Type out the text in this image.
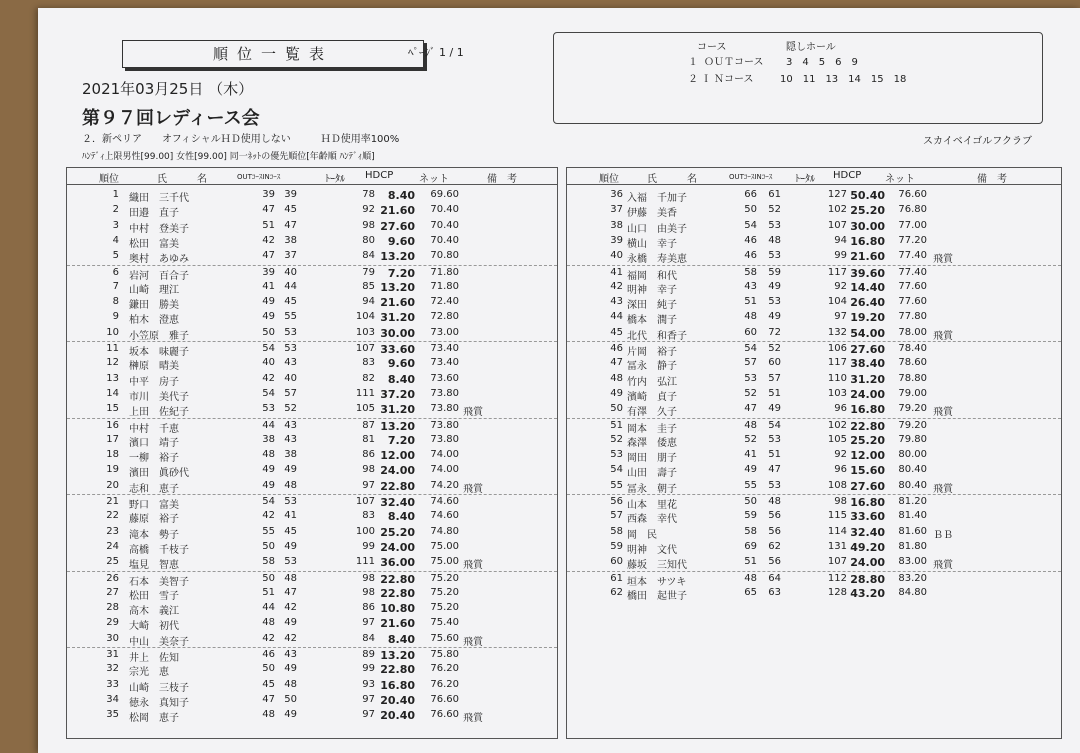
順位一覧表	ﾍﾟｰｼﾞ 1 / 1
2021年03月25日 （木）
第９７回レディース会
２．新ペリア　　オフィシャルＨＤ使用しない　　　ＨＤ使用率100%	スカイベイゴルフクラブ
ﾊﾝﾃﾞｨ上限男性[99.00] 女性[99.00] 同一ﾈｯﾄの優先順位[年齢順 ﾊﾝﾃﾞｨ順]
コース	隠しホール
１ ＯＵＴコース 3　4　5　6　9
２ Ｉ Ｎコース	10　11　13　14　15　18
順位	氏　　　名	OUTｺｰｽINｺｰｽ	ﾄｰﾀﾙ HDCP	ネット	備　考
1 織田　三千代	39 39	78	8.40	69.60
2 田邉　直子	47 45	92 21.60	70.40
3 中村　登美子	51 47	98 27.60	70.40
4 松田　富美	42 38	80	9.60	70.40
5 奥村　あゆみ	47 37	84 13.20	70.80
6 岩河　百合子	39 40	79	7.20	71.80
7 山崎　理江	41 44	85 13.20	71.80
8 鎌田　勝美	49 45	94 21.60	72.40
9 柏木　澄恵	49 55	104 31.20	72.80
10 小笠原　雅子	50 53	103 30.00	73.00
11 坂本　味麗子	54 53	107 33.60	73.40
12 榊原　晴美	40 43	83	9.60	73.40
13 中平　房子	42 40	82	8.40	73.60
14 市川　美代子	54 57	111 37.20	73.80
15 上田　佐紀子	53 52	105 31.20	73.80 飛賞
16 中村　千恵	44 43	87 13.20	73.80
17 濱口　靖子	38 43	81	7.20	73.80
18 一柳　裕子	48 38	86 12.00	74.00
19 濱田　眞砂代	49 49	98 24.00	74.00
20 志和　恵子	49 48	97 22.80	74.20 飛賞
21 野口　富美	54 53	107 32.40	74.60
22 藤原　裕子	42 41	83	8.40	74.60
23 滝本　勢子	55 45	100 25.20	74.80
24 高橋　千枝子	50 49	99 24.00	75.00
25 塩見　智恵	58 53	111 36.00	75.00 飛賞
26 石本　美智子	50 48	98 22.80	75.20
27 松田　雪子	51 47	98 22.80	75.20
28 高木　義江	44 42	86 10.80	75.20
29 大崎　初代	48 49	97 21.60	75.40
30 中山　美奈子	42 42	84	8.40	75.60 飛賞
31 井上　佐知	46 43	89 13.20	75.80
32 宗光　恵	50 49	99 22.80	76.20
33 山崎　三枝子	45 48	93 16.80	76.20
34 徳永　真知子	47 50	97 20.40	76.60
35 松岡　恵子	48 49	97 20.40	76.60 飛賞
順位	氏　　　名	OUTｺｰｽINｺｰｽ ﾄｰﾀﾙ HDCP ネット	備　考
36 入福　千加子	66	61	127 50.40	76.60
37 伊藤　美香	50	52	102 25.20	76.80
38 山口　由美子	54	53	107 30.00	77.00
39 横山　幸子	46	48	94 16.80	77.20
40 永橋　寿美恵	46	53	99 21.60	77.40 飛賞
41 福岡　和代	58	59	117 39.60	77.40
42 明神　幸子	43	49	92 14.40	77.60
43 深田　純子	51	53	104 26.40	77.60
44 橋本　潤子	48	49	97 19.20	77.80
45 北代　和香子	60	72	132 54.00	78.00 飛賞
46 片岡　裕子	54	52	106 27.60	78.40
47 冨永　静子	57	60	117 38.40	78.60
48 竹内　弘江	53	57	110 31.20	78.80
49 濱崎　貞子	52	51	103 24.00	79.00
50 有澤　久子	47	49	96 16.80	79.20 飛賞
51 岡本　圭子	48	54	102 22.80	79.20
52 森澤　倭恵	52	53	105 25.20	79.80
53 岡田　朋子	41	51	92 12.00	80.00
54 山田　壽子	49	47	96 15.60	80.40
55 冨永　朝子	55	53	108 27.60	80.40 飛賞
56 山本　里花	50	48	98 16.80	81.20
57 西森　幸代	59	56	115 33.60	81.40
58 岡　民	58	56	114 32.40	81.60 ＢＢ
59 明神　文代	69	62	131 49.20	81.80
60 藤坂　三知代	51	56	107 24.00	83.00 飛賞
61 垣本　サツキ	48	64	112 28.80	83.20
62 橋田　起世子	65	63	128 43.20	84.80
